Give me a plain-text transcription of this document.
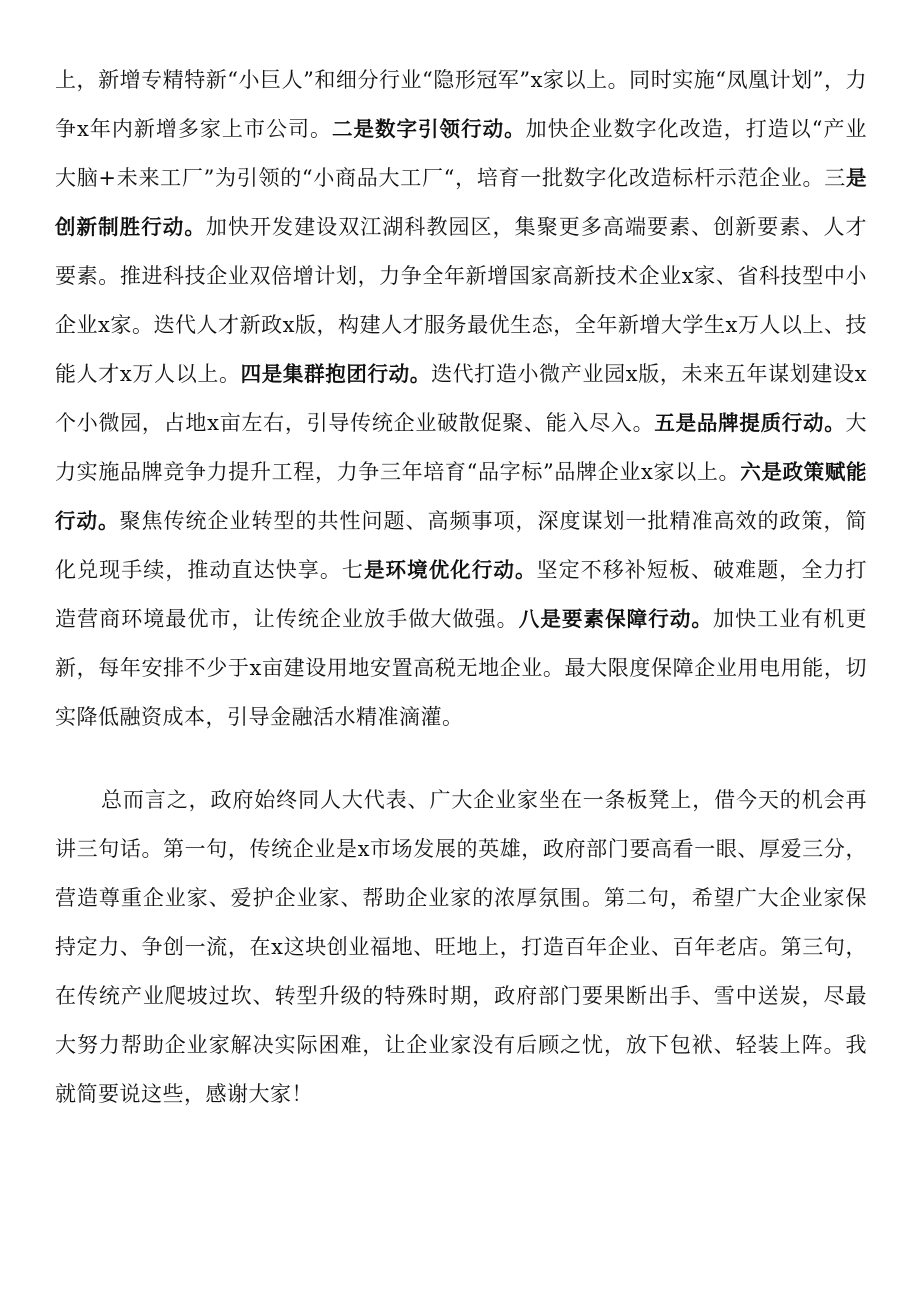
上，新增专精特新“小巨人”和细分行业“隐形冠军”x家以上。同时实施“凤凰计划”，力争x年内新增多家上市公司。二是数字引领行动。加快企业数字化改造，打造以“产业大脑+未来工厂”为引领的“小商品大工厂“，培育一批数字化改造标杆示范企业。三是创新制胜行动。加快开发建设双江湖科教园区，集聚更多高端要素、创新要素、人才要素。推进科技企业双倍增计划，力争全年新增国家高新技术企业x家、省科技型中小企业x家。迭代人才新政x版，构建人才服务最优生态，全年新增大学生x万人以上、技能人才x万人以上。四是集群抱团行动。迭代打造小微产业园x版，未来五年谋划建设x个小微园，占地x亩左右，引导传统企业破散促聚、能入尽入。五是品牌提质行动。大力实施品牌竞争力提升工程，力争三年培育“品字标”品牌企业x家以上。六是政策赋能行动。聚焦传统企业转型的共性问题、高频事项，深度谋划一批精准高效的政策，简化兑现手续，推动直达快享。七是环境优化行动。坚定不移补短板、破难题，全力打造营商环境最优市，让传统企业放手做大做强。八是要素保障行动。加快工业有机更新，每年安排不少于x亩建设用地安置高税无地企业。最大限度保障企业用电用能，切实降低融资成本，引导金融活水精准滴灌。

总而言之，政府始终同人大代表、广大企业家坐在一条板凳上，借今天的机会再讲三句话。第一句，传统企业是x市场发展的英雄，政府部门要高看一眼、厚爱三分，营造尊重企业家、爱护企业家、帮助企业家的浓厚氛围。第二句，希望广大企业家保持定力、争创一流，在x这块创业福地、旺地上，打造百年企业、百年老店。第三句，在传统产业爬坡过坎、转型升级的特殊时期，政府部门要果断出手、雪中送炭，尽最大努力帮助企业家解决实际困难，让企业家没有后顾之忧，放下包袱、轻装上阵。我就简要说这些，感谢大家！
